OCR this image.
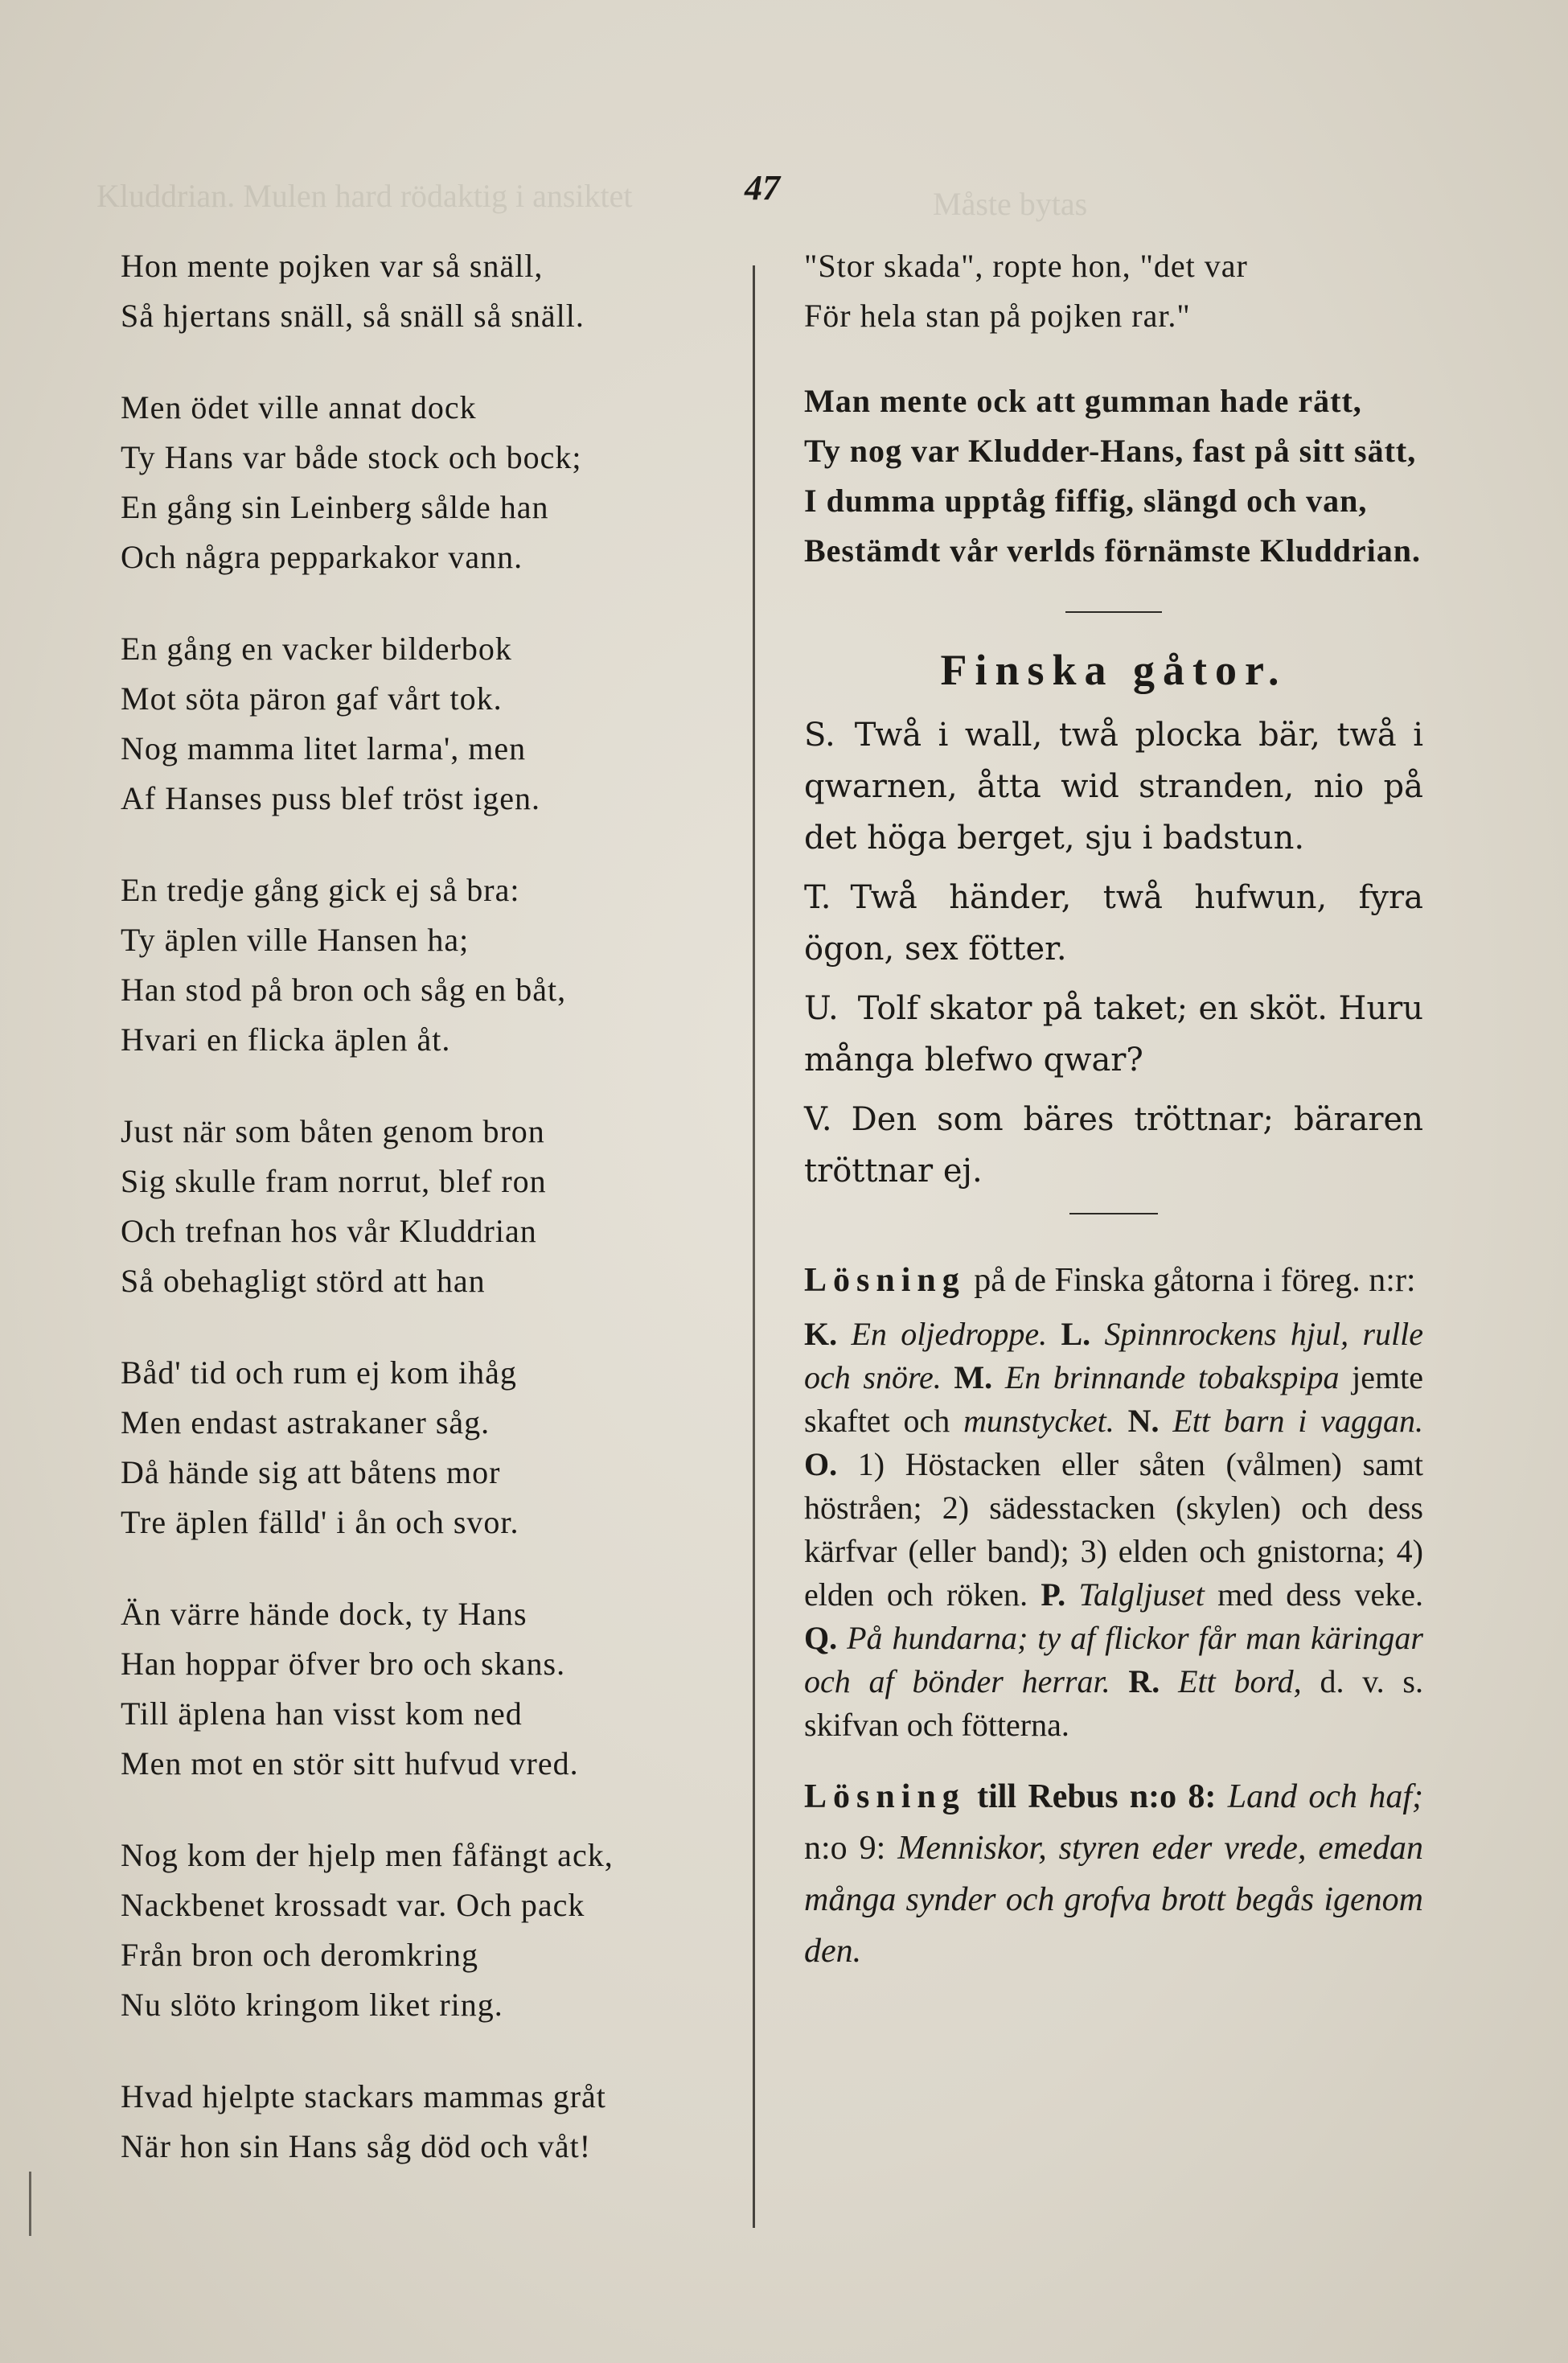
Kluddrian. Mulen hard rödaktig i ansiktet	Måste bytas
47
Hon mente pojken var så snäll,
Så hjertans snäll, så snäll så snäll.
Men ödet ville annat dock
Ty Hans var både stock och bock;
En gång sin Leinberg sålde han
Och några pepparkakor vann.
En gång en vacker bilderbok
Mot söta päron gaf vårt tok.
Nog mamma litet larma', men
Af Hanses puss blef tröst igen.
En tredje gång gick ej så bra:
Ty äplen ville Hansen ha;
Han stod på bron och såg en båt,
Hvari en flicka äplen åt.
Just när som båten genom bron
Sig skulle fram norrut, blef ron
Och trefnan hos vår Kluddrian
Så obehagligt störd att han
Båd' tid och rum ej kom ihåg
Men endast astrakaner såg.
Då hände sig att båtens mor
Tre äplen fälld' i ån och svor.
Än värre hände dock, ty Hans
Han hoppar öfver bro och skans.
Till äplena han visst kom ned
Men mot en stör sitt hufvud vred.
Nog kom der hjelp men fåfängt ack,
Nackbenet krossadt var. Och pack
Från bron och deromkring
Nu slöto kringom liket ring.
Hvad hjelpte stackars mammas gråt
När hon sin Hans såg död och våt!
"Stor skada", ropte hon, "det var
För hela stan på pojken rar."
Man mente ock att gumman hade rätt,
Ty nog var Kludder-Hans, fast på sitt sätt,
I dumma upptåg fiffig, slängd och van,
Bestämdt vår verlds förnämste Kluddrian.
Finska gåtor.
S. Twå i wall, twå plocka bär, twå i qwarnen, åtta wid stranden, nio på det höga berget, sju i badstun.
T. Twå händer, twå hufwun, fyra ögon, sex fötter.
U. Tolf skator på taket; en sköt. Huru många blefwo qwar?
V. Den som bäres tröttnar; bäraren tröttnar ej.
Lösning på de Finska gåtorna i föreg. n:r:
K. En oljedroppe. L. Spinnrockens hjul, rulle och snöre. M. En brinnande tobakspipa jemte skaftet och munstycket. N. Ett barn i vaggan. O. 1) Höstacken eller såten (vålmen) samt höstråen; 2) sädesstacken (skylen) och dess kärfvar (eller band); 3) elden och gnistorna; 4) elden och röken. P. Talgljuset med dess veke. Q. På hundarna; ty af flickor får man käringar och af bönder herrar. R. Ett bord, d. v. s. skifvan och fötterna.
Lösning till Rebus n:o 8: Land och haf; n:o 9: Menniskor, styren eder vrede, emedan många synder och grofva brott begås igenom den.
